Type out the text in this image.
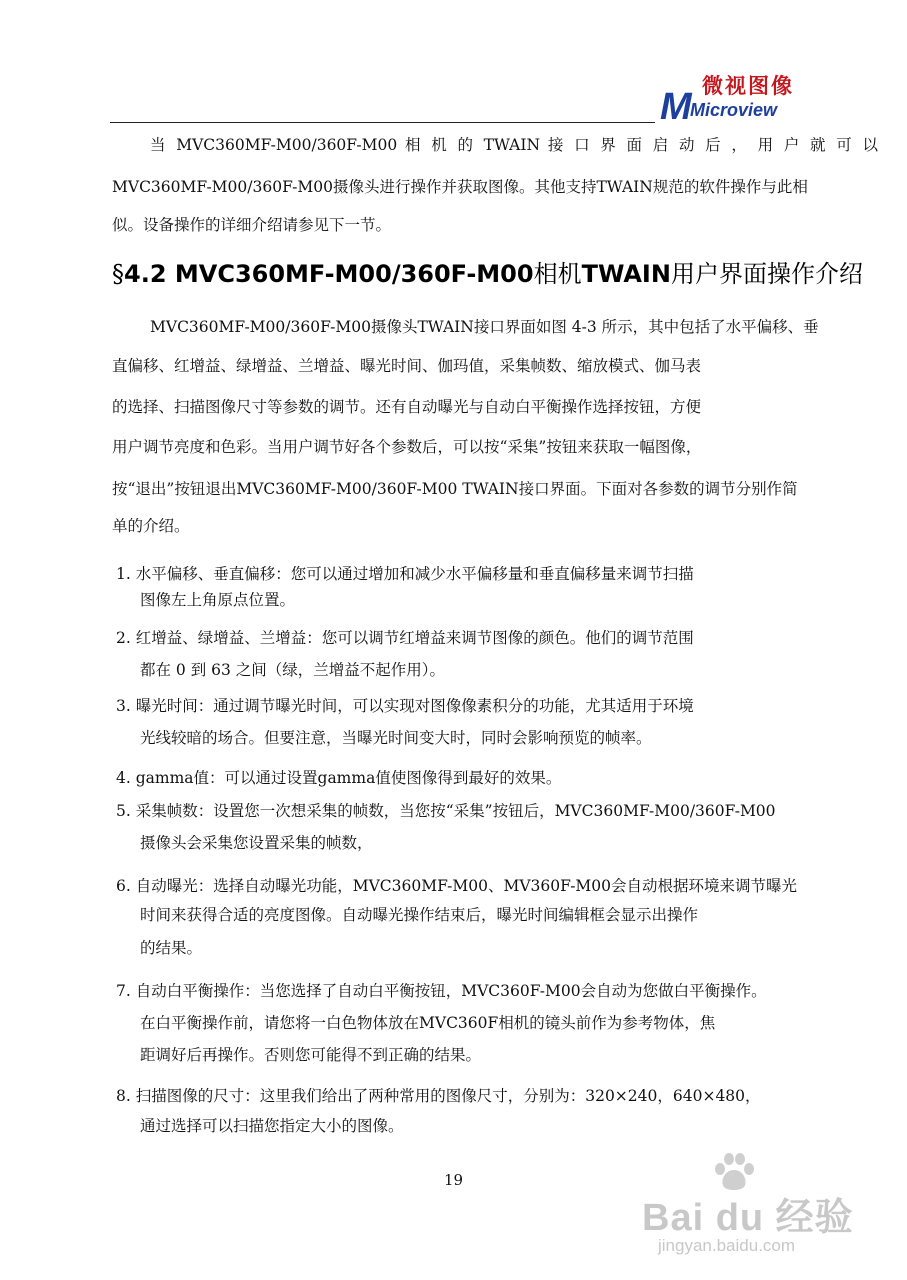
微视图像
M
Microview
当 MVC360MF-M00/360F-M00 相 机 的 TWAIN 接 口 界 面 启 动 后 ， 用 户 就 可 以
MVC360MF-M00/360F-M00摄像头进行操作并获取图像。其他支持TWAIN规范的软件操作与此相
似。设备操作的详细介绍请参见下一节。
§4.2 MVC360MF-M00/360F-M00相机TWAIN用户界面操作介绍
MVC360MF-M00/360F-M00摄像头TWAIN接口界面如图 4-3 所示，其中包括了水平偏移、垂
直偏移、红增益、绿增益、兰增益、曝光时间、伽玛值，采集帧数、缩放模式、伽马表
的选择、扫描图像尺寸等参数的调节。还有自动曝光与自动白平衡操作选择按钮，方便
用户调节亮度和色彩。当用户调节好各个参数后，可以按“采集”按钮来获取一幅图像，
按“退出”按钮退出MVC360MF-M00/360F-M00 TWAIN接口界面。下面对各参数的调节分别作简
单的介绍。
1. 水平偏移、垂直偏移：您可以通过增加和减少水平偏移量和垂直偏移量来调节扫描
图像左上角原点位置。
2. 红增益、绿增益、兰增益：您可以调节红增益来调节图像的颜色。他们的调节范围
都在 0 到 63 之间（绿，兰增益不起作用）。
3. 曝光时间：通过调节曝光时间，可以实现对图像像素积分的功能，尤其适用于环境
光线较暗的场合。但要注意，当曝光时间变大时，同时会影响预览的帧率。
4. gamma值：可以通过设置gamma值使图像得到最好的效果。
5. 采集帧数：设置您一次想采集的帧数，当您按“采集”按钮后，MVC360MF-M00/360F-M00
摄像头会采集您设置采集的帧数，
6. 自动曝光：选择自动曝光功能，MVC360MF-M00、MV360F-M00会自动根据环境来调节曝光
时间来获得合适的亮度图像。自动曝光操作结束后，曝光时间编辑框会显示出操作
的结果。
7. 自动白平衡操作：当您选择了自动白平衡按钮，MVC360F-M00会自动为您做白平衡操作。
在白平衡操作前，请您将一白色物体放在MVC360F相机的镜头前作为参考物体，焦
距调好后再操作。否则您可能得不到正确的结果。
8. 扫描图像的尺寸：这里我们给出了两种常用的图像尺寸，分别为：320×240，640×480，
通过选择可以扫描您指定大小的图像。
19
Bai du 经验
jingyan.baidu.com
